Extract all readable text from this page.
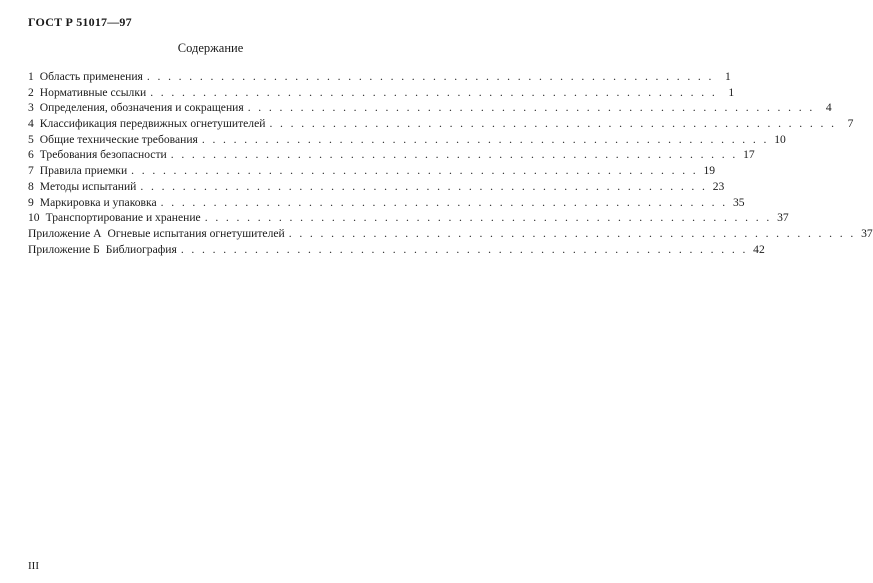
ГОСТ Р 51017—97
Содержание
1 Область применения . . . . . . . . . . . . . . . . . . . . . . . . . . . . . . . . . . . . . . . . . . . . . . . . . . . . . . 1
2 Нормативные ссылки . . . . . . . . . . . . . . . . . . . . . . . . . . . . . . . . . . . . . . . . . . . . . . . . . . . . . . 1
3 Определения, обозначения и сокращения . . . . . . . . . . . . . . . . . . . . . . . . . . . . . . . . . . . . . . . . . . . . . . . . . . . . . . 4
4 Классификация передвижных огнетушителей . . . . . . . . . . . . . . . . . . . . . . . . . . . . . . . . . . . . . . . . . . . . . . . . . . . . . . 7
5 Общие технические требования . . . . . . . . . . . . . . . . . . . . . . . . . . . . . . . . . . . . . . . . . . . . . . . . . . . . . . 10
6 Требования безопасности . . . . . . . . . . . . . . . . . . . . . . . . . . . . . . . . . . . . . . . . . . . . . . . . . . . . . . 17
7 Правила приемки . . . . . . . . . . . . . . . . . . . . . . . . . . . . . . . . . . . . . . . . . . . . . . . . . . . . . . 19
8 Методы испытаний . . . . . . . . . . . . . . . . . . . . . . . . . . . . . . . . . . . . . . . . . . . . . . . . . . . . . . 23
9 Маркировка и упаковка . . . . . . . . . . . . . . . . . . . . . . . . . . . . . . . . . . . . . . . . . . . . . . . . . . . . . . 35
10 Транспортирование и хранение . . . . . . . . . . . . . . . . . . . . . . . . . . . . . . . . . . . . . . . . . . . . . . . . . . . . . . 37
Приложение А Огневые испытания огнетушителей . . . . . . . . . . . . . . . . . . . . . . . . . . . . . . . . . . . . . . . . . . . . . . . . . . . . . . 37
Приложение Б Библиография . . . . . . . . . . . . . . . . . . . . . . . . . . . . . . . . . . . . . . . . . . . . . . . . . . . . . . 42
III
